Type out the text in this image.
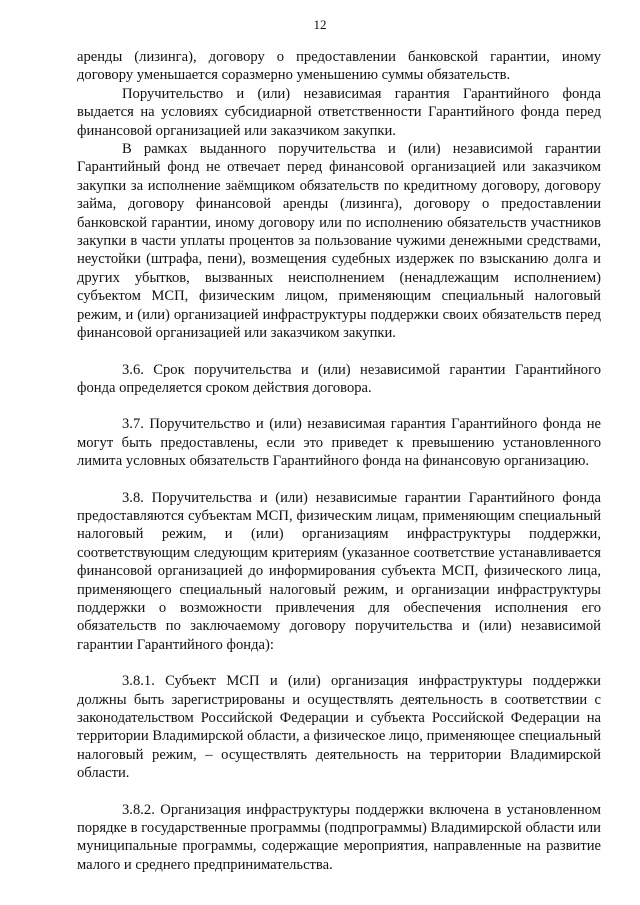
12

аренды (лизинга), договору о предоставлении банковской гарантии, иному договору уменьшается соразмерно уменьшению суммы обязательств.

Поручительство и (или) независимая гарантия Гарантийного фонда выдается на условиях субсидиарной ответственности Гарантийного фонда перед финансовой организацией или заказчиком закупки.

В рамках выданного поручительства и (или) независимой гарантии Гарантийный фонд не отвечает перед финансовой организацией или заказчиком закупки за исполнение заёмщиком обязательств по кредитному договору, договору займа, договору финансовой аренды (лизинга), договору о предоставлении банковской гарантии, иному договору или по исполнению обязательств участников закупки в части уплаты процентов за пользование чужими денежными средствами, неустойки (штрафа, пени), возмещения судебных издержек по взысканию долга и других убытков, вызванных неисполнением (ненадлежащим исполнением) субъектом МСП, физическим лицом, применяющим специальный налоговый режим, и (или) организацией инфраструктуры поддержки своих обязательств перед финансовой организацией или заказчиком закупки.

3.6. Срок поручительства и (или) независимой гарантии Гарантийного фонда определяется сроком действия договора.

3.7. Поручительство и (или) независимая гарантия Гарантийного фонда не могут быть предоставлены, если это приведет к превышению установленного лимита условных обязательств Гарантийного фонда на финансовую организацию.

3.8. Поручительства и (или) независимые гарантии Гарантийного фонда предоставляются субъектам МСП, физическим лицам, применяющим специальный налоговый режим, и (или) организациям инфраструктуры поддержки, соответствующим следующим критериям (указанное соответствие устанавливается финансовой организацией до информирования субъекта МСП, физического лица, применяющего специальный налоговый режим, и организации инфраструктуры поддержки о возможности привлечения для обеспечения исполнения его обязательств по заключаемому договору поручительства и (или) независимой гарантии Гарантийного фонда):

3.8.1. Субъект МСП и (или) организация инфраструктуры поддержки должны быть зарегистрированы и осуществлять деятельность в соответствии с законодательством Российской Федерации и субъекта Российской Федерации на территории Владимирской области, а физическое лицо, применяющее специальный налоговый режим, – осуществлять деятельность на территории Владимирской области.

3.8.2. Организация инфраструктуры поддержки включена в установленном порядке в государственные программы (подпрограммы) Владимирской области или муниципальные программы, содержащие мероприятия, направленные на развитие малого и среднего предпринимательства.
